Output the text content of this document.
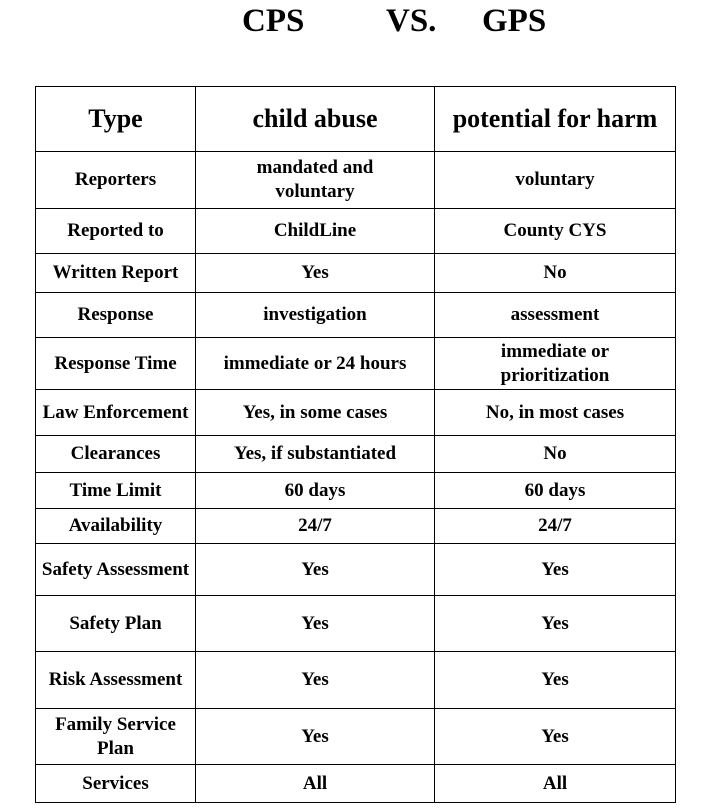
CPS VS. GPS
Type	child abuse	potential for harm
Reporters	mandated and voluntary	voluntary
Reported to	ChildLine	County CYS
Written Report	Yes	No
Response	investigation	assessment
Response Time	immediate or 24 hours	immediate or prioritization
Law Enforcement	Yes, in some cases	No, in most cases
Clearances	Yes, if substantiated	No
Time Limit	60 days	60 days
Availability	24/7	24/7
Safety Assessment	Yes	Yes
Safety Plan	Yes	Yes
Risk Assessment	Yes	Yes
Family Service Plan	Yes	Yes
Services	All	All
